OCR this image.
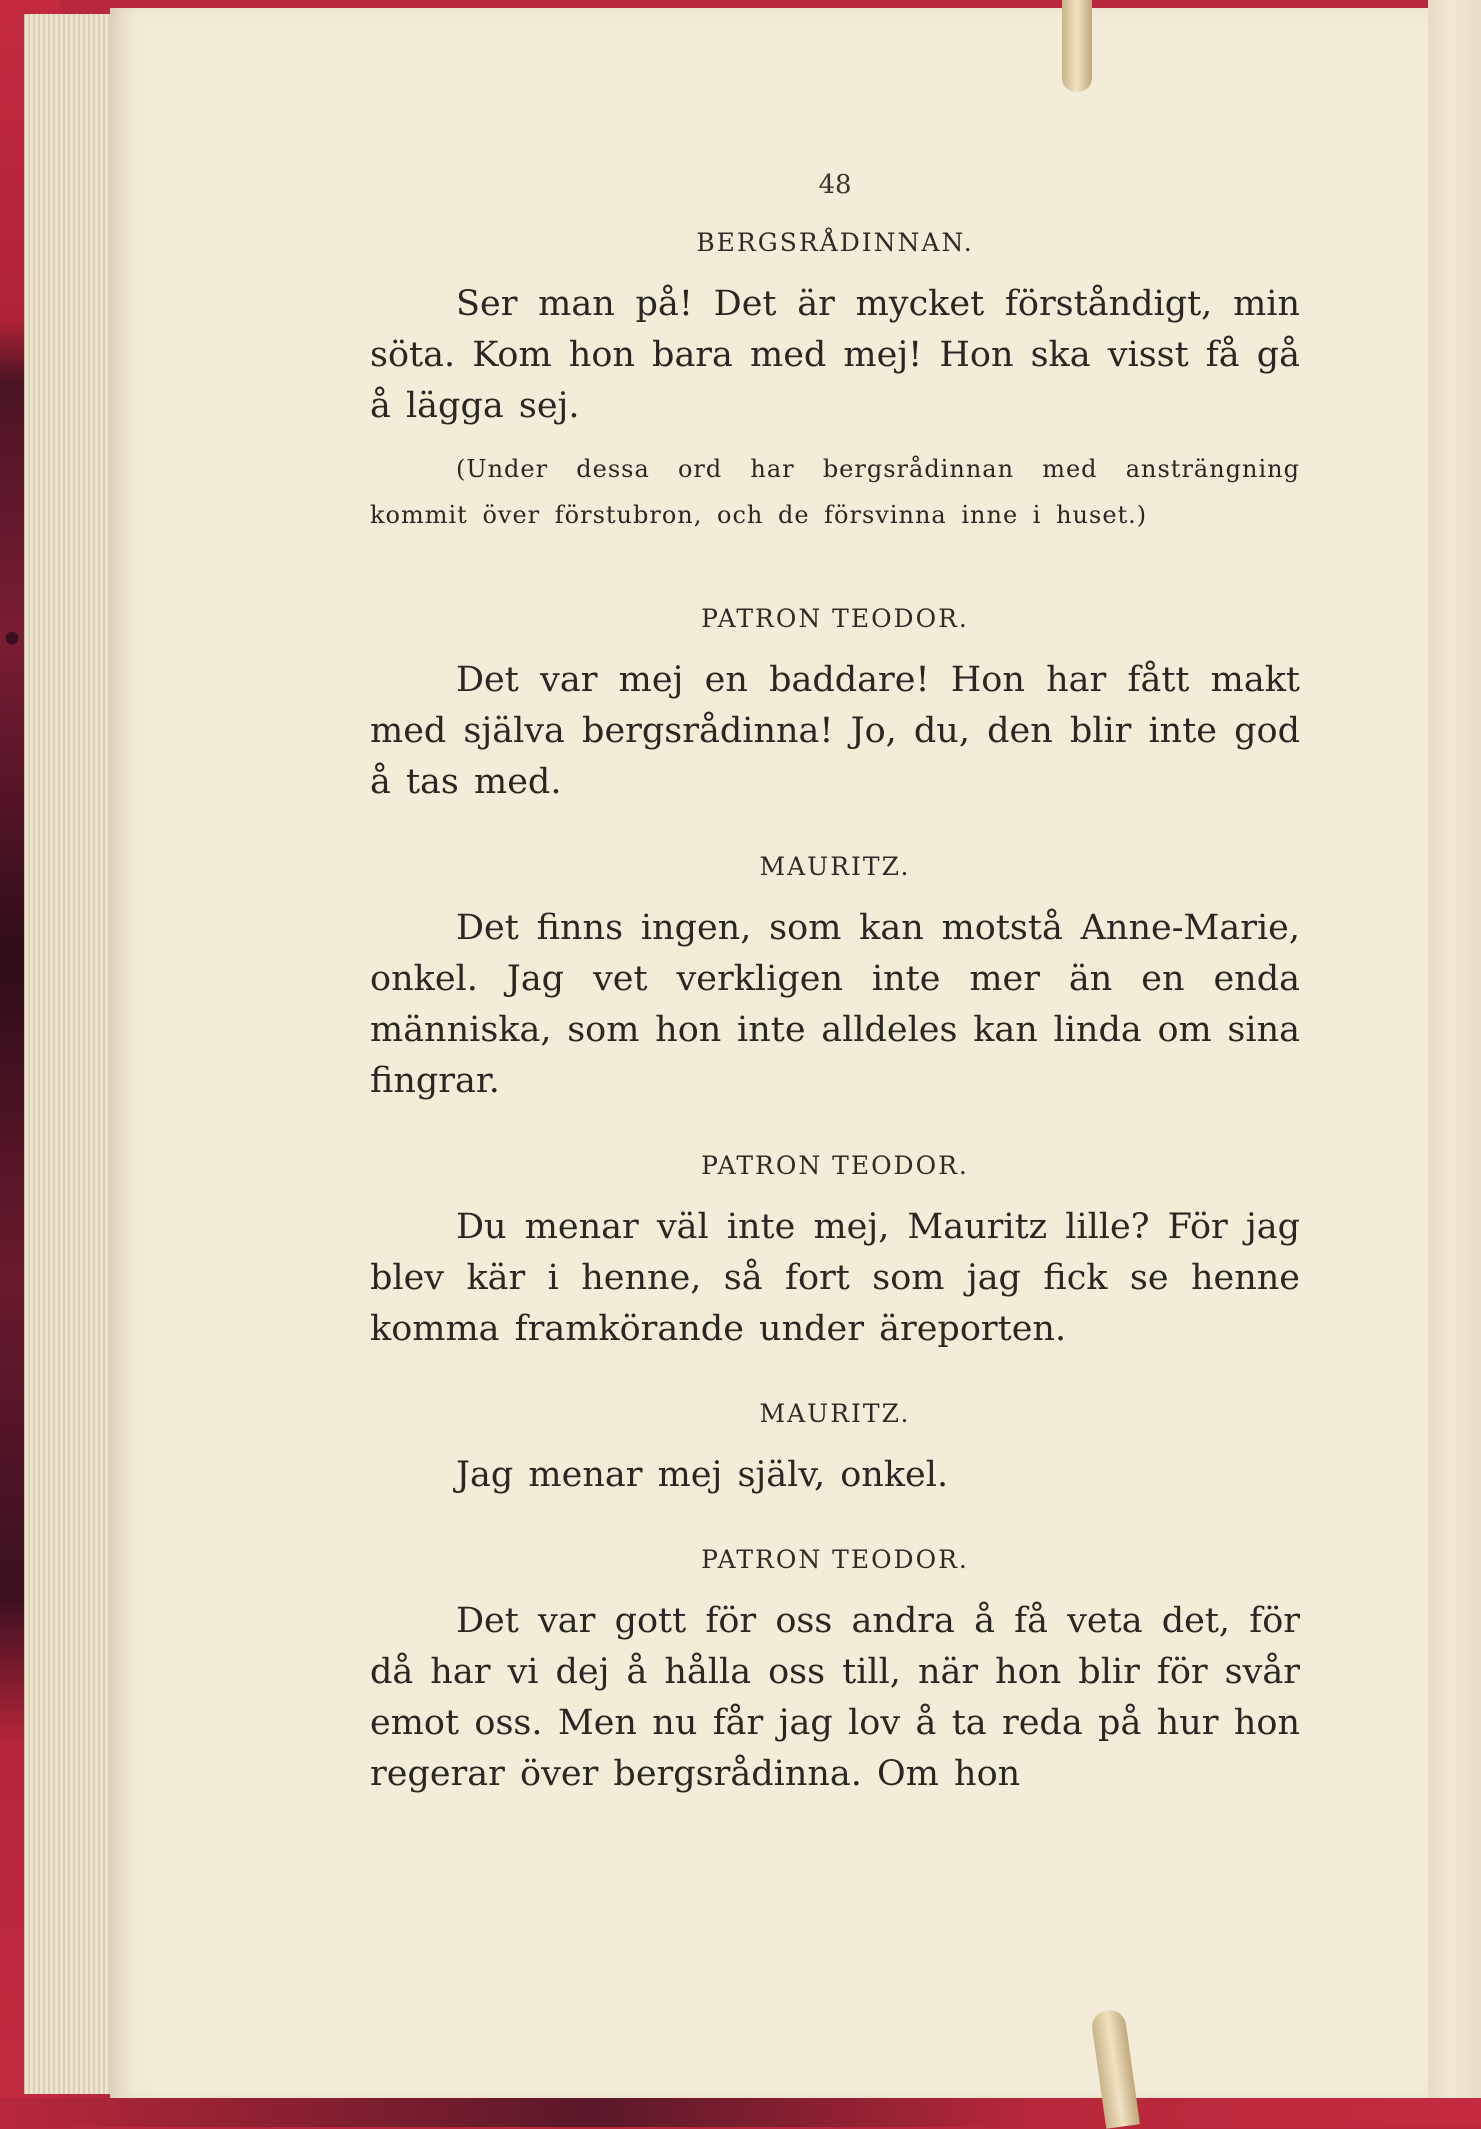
48
BERGSRÅDINNAN.

Ser man på! Det är mycket förståndigt, min söta. Kom hon bara med mej! Hon ska visst få gå å lägga sej.

(Under dessa ord har bergsrådinnan med ansträngning kommit över förstubron, och de försvinna inne i huset.)

PATRON TEODOR.

Det var mej en baddare! Hon har fått makt med själva bergsrådinna! Jo, du, den blir inte god å tas med.

MAURITZ.

Det finns ingen, som kan motstå Anne-Marie, onkel. Jag vet verkligen inte mer än en enda människa, som hon inte alldeles kan linda om sina fingrar.

PATRON TEODOR.

Du menar väl inte mej, Mauritz lille? För jag blev kär i henne, så fort som jag fick se henne komma framkörande under äreporten.

MAURITZ.

Jag menar mej själv, onkel.

PATRON TEODOR.

Det var gott för oss andra å få veta det, för då har vi dej å hålla oss till, när hon blir för svår emot oss. Men nu får jag lov å ta reda på hur hon regerar över bergsrådinna. Om hon
